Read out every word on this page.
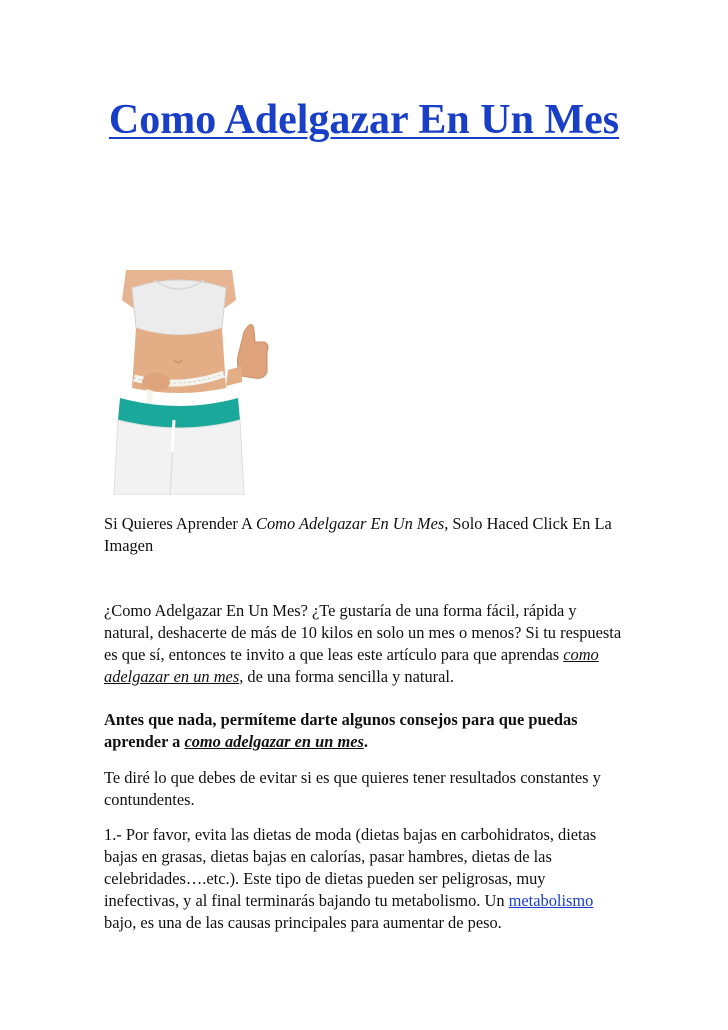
Como Adelgazar En Un Mes

Si Quieres Aprender A Como Adelgazar En Un Mes, Solo Haced Click En La Imagen

¿Como Adelgazar En Un Mes? ¿Te gustaría de una forma fácil, rápida y natural, deshacerte de más de 10 kilos en solo un mes o menos? Si tu respuesta es que sí, entonces te invito a que leas este artículo para que aprendas como adelgazar en un mes, de una forma sencilla y natural.

Antes que nada, permíteme darte algunos consejos para que puedas aprender a como adelgazar en un mes.

Te diré lo que debes de evitar si es que quieres tener resultados constantes y contundentes.

1.- Por favor, evita las dietas de moda (dietas bajas en carbohidratos, dietas bajas en grasas, dietas bajas en calorías, pasar hambres, dietas de las celebridades….etc.). Este tipo de dietas pueden ser peligrosas, muy inefectivas, y al final terminarás bajando tu metabolismo. Un metabolismo bajo, es una de las causas principales para aumentar de peso.
